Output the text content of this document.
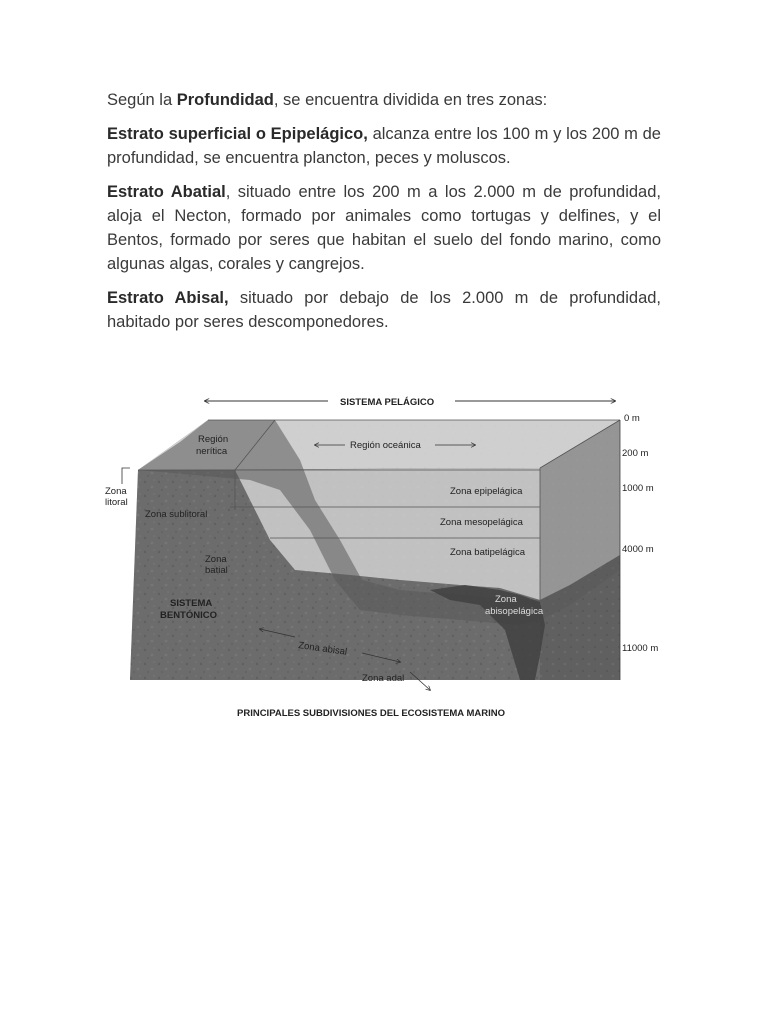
Según la Profundidad, se encuentra dividida en tres zonas:

Estrato superficial o Epipelágico, alcanza entre los 100 m y los 200 m de profundidad, se encuentra plancton, peces y moluscos.

Estrato Abatial, situado entre los 200 m a los 2.000 m de profundidad, aloja el Necton, formado por animales como tortugas y delfines, y el Bentos, formado por seres que habitan el suelo del fondo marino, como algunas algas, corales y cangrejos.

Estrato Abisal, situado por debajo de los 2.000 m de profundidad, habitado por seres descomponedores.

SISTEMA PELÁGICO
0 m
200 m
1000 m
4000 m
11000 m
Región
nerítica
Región oceánica
Zona
litoral
Zona sublitoral
Zona epipelágica
Zona mesopelágica
Zona batipelágica
Zona
batial
SISTEMA
BENTÓNICO
Zona
abisopelágica
Zona abisal
Zona adal
PRINCIPALES SUBDIVISIONES DEL ECOSISTEMA MARINO
